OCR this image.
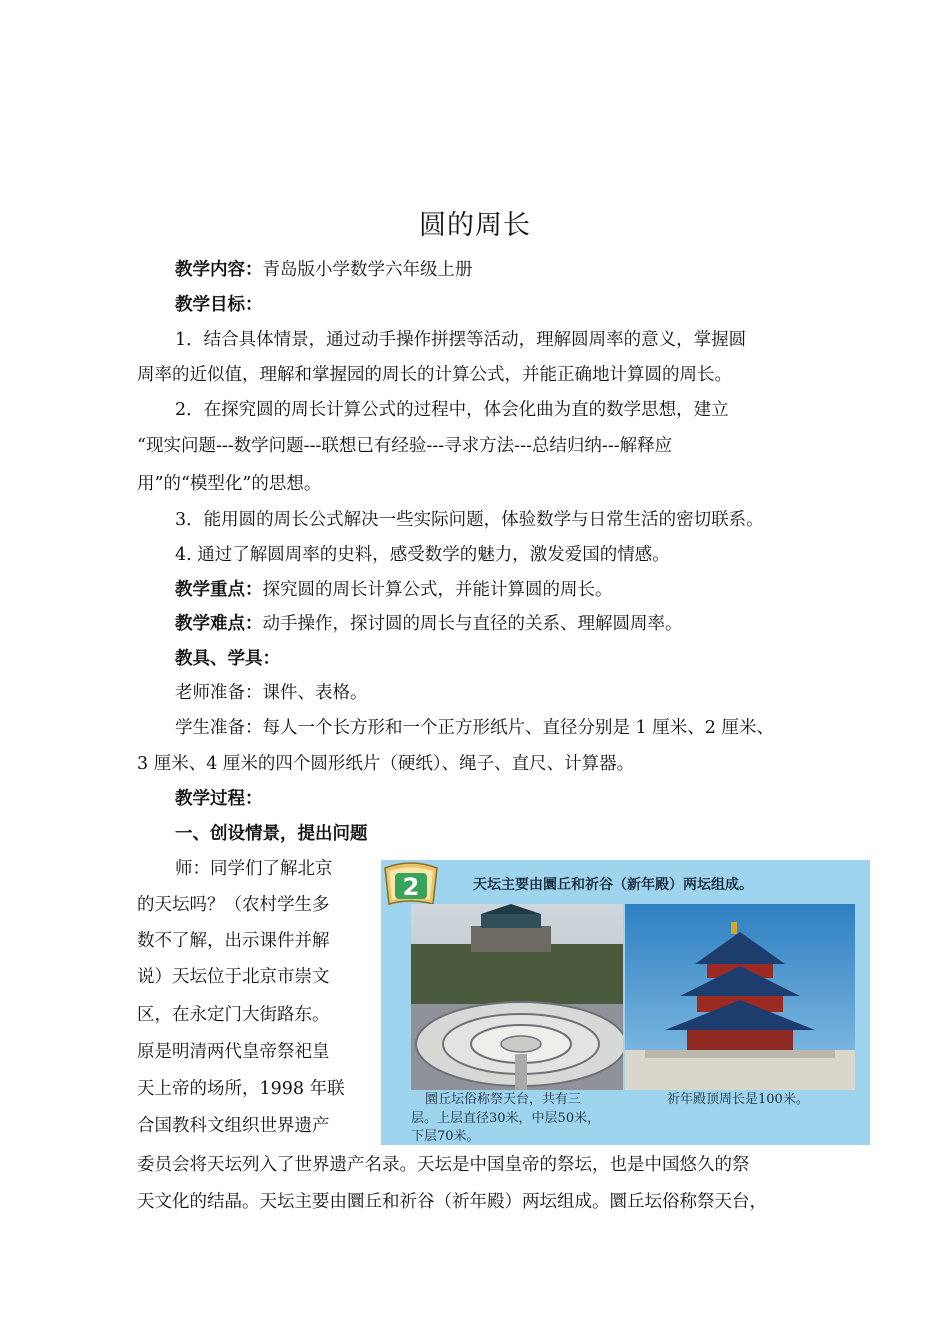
圆的周长
教学内容：青岛版小学数学六年级上册
教学目标：
1．结合具体情景，通过动手操作拼摆等活动，理解圆周率的意义，掌握圆
周率的近似值，理解和掌握园的周长的计算公式，并能正确地计算圆的周长。
2．在探究圆的周长计算公式的过程中，体会化曲为直的数学思想，建立
“现实问题---数学问题---联想已有经验---寻求方法---总结归纳---解释应
用”的“模型化”的思想。
3．能用圆的周长公式解决一些实际问题，体验数学与日常生活的密切联系。
4. 通过了解圆周率的史料，感受数学的魅力，激发爱国的情感。
教学重点：探究圆的周长计算公式，并能计算圆的周长。
教学难点：动手操作，探讨圆的周长与直径的关系、理解圆周率。
教具、学具：
老师准备：课件、表格。
学生准备：每人一个长方形和一个正方形纸片、直径分别是 1 厘米、2 厘米、
3 厘米、4 厘米的四个圆形纸片（硬纸）、绳子、直尺、计算器。
教学过程：
一、创设情景，提出问题
师：同学们了解北京
的天坛吗？（农村学生多
数不了解，出示课件并解
说）天坛位于北京市崇文
区，在永定门大街路东。
原是明清两代皇帝祭祀皇
天上帝的场所，1998 年联
合国教科文组织世界遗产
委员会将天坛列入了世界遗产名录。天坛是中国皇帝的祭坛，也是中国悠久的祭
天文化的结晶。天坛主要由圜丘和祈谷（祈年殿）两坛组成。圜丘坛俗称祭天台，
2	天坛主要由圜丘和祈谷（新年殿）两坛组成。
圜丘坛俗称祭天台，共有三
层。上层直径30米，中层50米，
下层70米。
祈年殿顶周长是100米。
